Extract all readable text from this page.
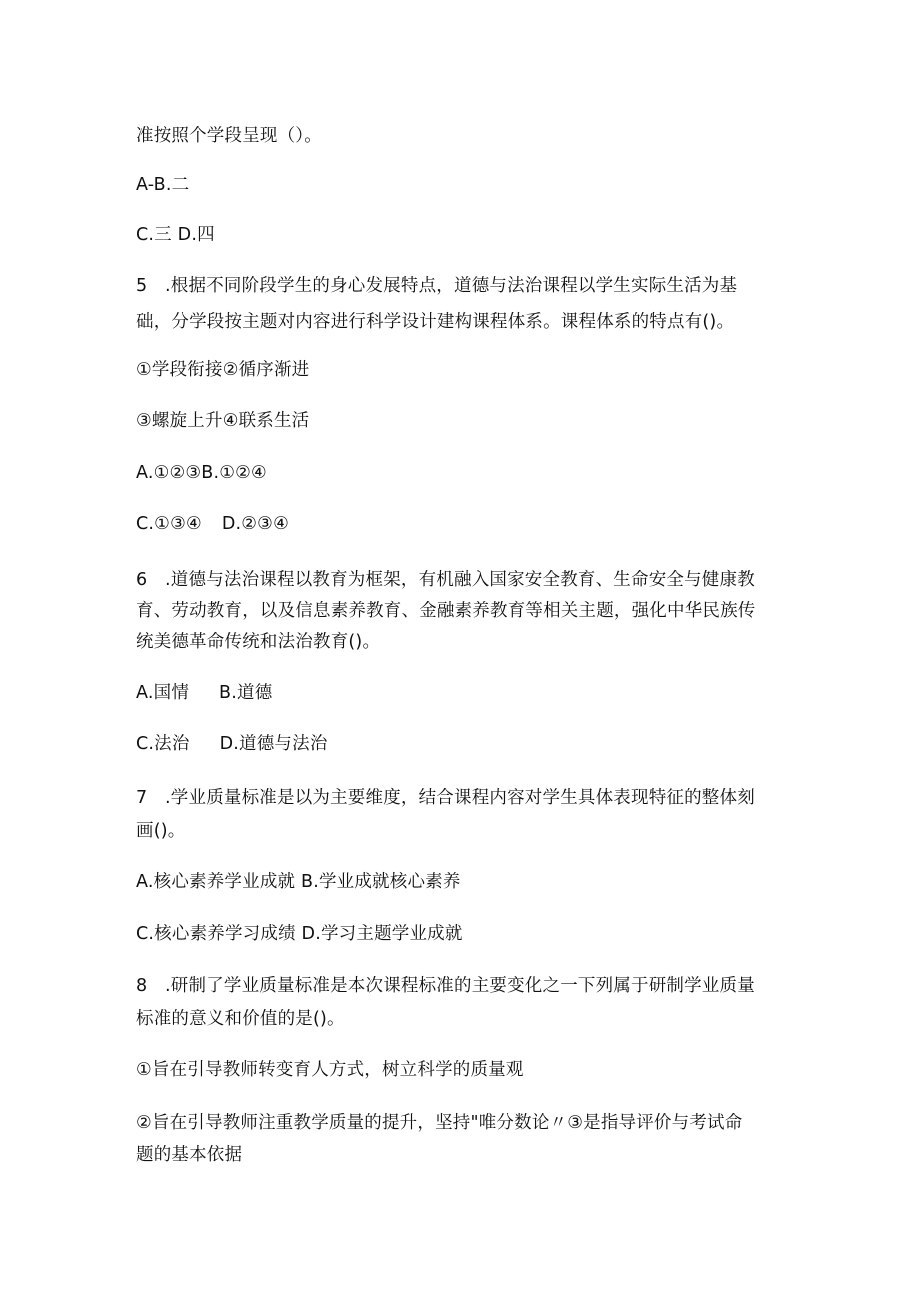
准按照个学段呈现（）。
A-B.二
C.三 D.四
5　.根据不同阶段学生的身心发展特点，道德与法治课程以学生实际生活为基
础，分学段按主题对内容进行科学设计建构课程体系。课程体系的特点有()。
①学段衔接②循序渐进
③螺旋上升④联系生活
A.①②③B.①②④
C.①③④ D.②③④
6　.道德与法治课程以教育为框架，有机融入国家安全教育、生命安全与健康教
育、劳动教育，以及信息素养教育、金融素养教育等相关主题，强化中华民族传
统美德革命传统和法治教育()。
A.国情 B.道德
C.法治 D.道德与法治
7　.学业质量标准是以为主要维度，结合课程内容对学生具体表现特征的整体刻
画()。
A.核心素养学业成就 B.学业成就核心素养
C.核心素养学习成绩 D.学习主题学业成就
8　.研制了学业质量标准是本次课程标准的主要变化之一下列属于研制学业质量
标准的意义和价值的是()。
①旨在引导教师转变育人方式，树立科学的质量观
②旨在引导教师注重教学质量的提升，坚持"唯分数论〃③是指导评价与考试命
题的基本依据
